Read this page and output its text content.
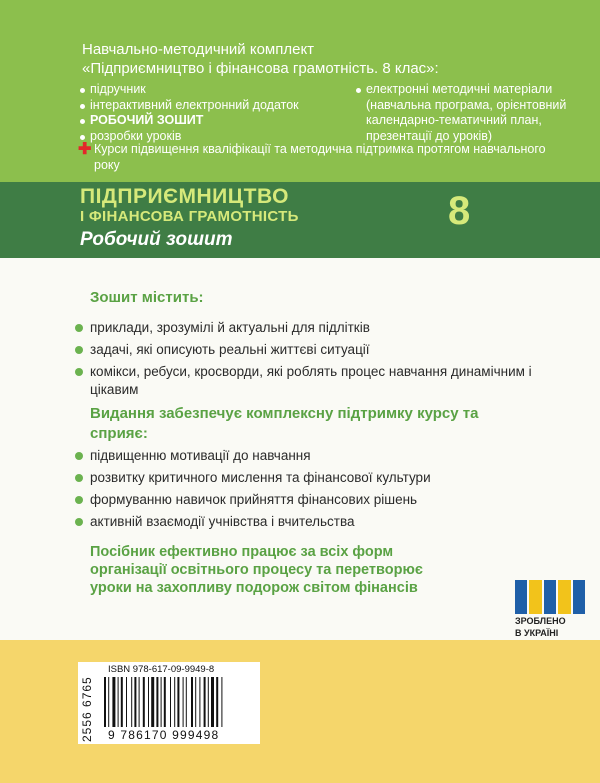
Навчально-методичний комплект
«Підприємництво і фінансова грамотність. 8 клас»:
підручник
інтерактивний електронний додаток
РОБОЧИЙ ЗОШИТ
розробки уроків
електронні методичні матеріали (навчальна програма, орієнтовний календарно-тематичний план, презентації до уроків)
✚ Курси підвищення кваліфікації та методична підтримка протягом навчального року
ПІДПРИЄМНИЦТВО
І ФІНАНСОВА ГРАМОТНІСТЬ
Робочий зошит
8
Зошит містить:
приклади, зрозумілі й актуальні для підлітків
задачі, які описують реальні життєві ситуації
комікси, ребуси, кросворди, які роблять процес навчання динамічним і цікавим
Видання забезпечує комплексну підтримку курсу та сприяє:
підвищенню мотивації до навчання
розвитку критичного мислення та фінансової культури
формуванню навичок прийняття фінансових рішень
активній взаємодії учнівства і вчительства
Посібник ефективно працює за всіх форм організації освітнього процесу та перетворює уроки на захопливу подорож світом фінансів
ЗРОБЛЕНО
В УКРАЇНІ
ISBN 978-617-09-9949-8
9 786170 999498
2556 6765
